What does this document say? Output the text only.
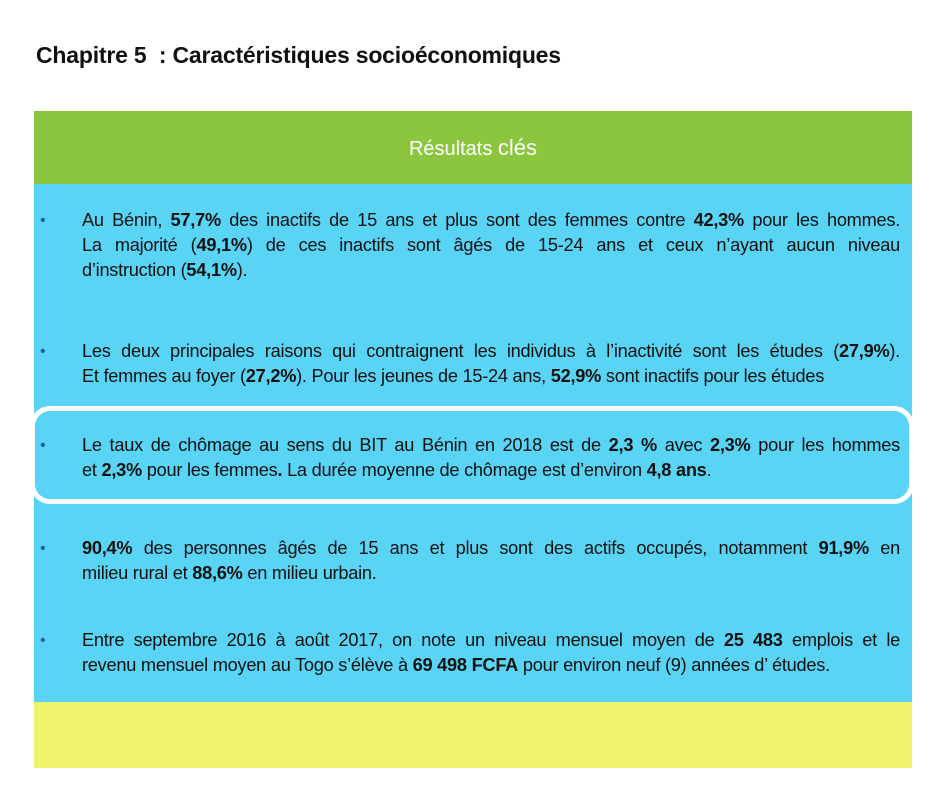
Chapitre 5  : Caractéristiques socioéconomiques
Résultats clés
• Au Bénin, 57,7% des inactifs de 15 ans et plus sont des femmes contre 42,3% pour les hommes.
La majorité (49,1%) de ces inactifs sont âgés de 15-24 ans et ceux n’ayant aucun niveau
d’instruction (54,1%).
• Les deux principales raisons qui contraignent les individus à l’inactivité sont les études (27,9%).
Et femmes au foyer (27,2%). Pour les jeunes de 15-24 ans, 52,9% sont inactifs pour les études
• Le taux de chômage au sens du BIT au Bénin en 2018 est de 2,3 % avec 2,3% pour les hommes
et 2,3% pour les femmes. La durée moyenne de chômage est d’environ 4,8 ans.
• 90,4% des personnes âgés de 15 ans et plus sont des actifs occupés, notamment 91,9% en
milieu rural et 88,6% en milieu urbain.
• Entre septembre 2016 à août 2017, on note un niveau mensuel moyen de 25 483 emplois et le
revenu mensuel moyen au Togo s’élève à 69 498 FCFA pour environ neuf (9) années d’ études.
